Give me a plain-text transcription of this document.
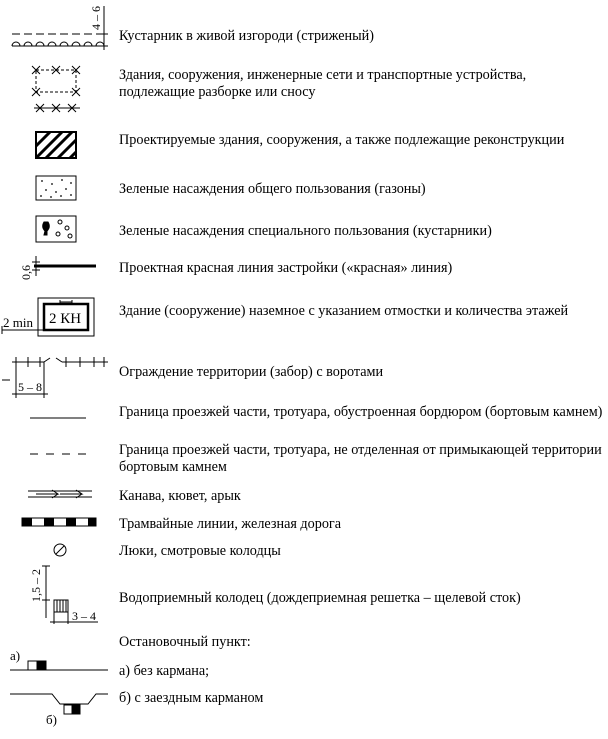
4 – 6
0,6
2 min 2 КН
5 – 8
1,5 – 2
3 – 4
а)
б)
Кустарник в живой изгороди (стриженый)
Здания, сооружения, инженерные сети и транспортные устройства, подлежащие разборке или сносу
Проектируемые здания, сооружения, а также подлежащие реконструкции
Зеленые насаждения общего пользования (газоны)
Зеленые насаждения специального пользования (кустарники)
Проектная красная линия застройки («красная» линия)
Здание (сооружение) наземное с указанием отмостки и количества этажей
Ограждение территории (забор) с воротами
Граница проезжей части, тротуара, обустроенная бордюром (бортовым камнем)
Граница проезжей части, тротуара, не отделенная от примыкающей территории бортовым камнем
Канава, кювет, арык
Трамвайные линии, железная дорога
Люки, смотровые колодцы
Водоприемный колодец (дождеприемная решетка – щелевой сток)
Остановочный пункт:
а) без кармана;
б) с заездным карманом
